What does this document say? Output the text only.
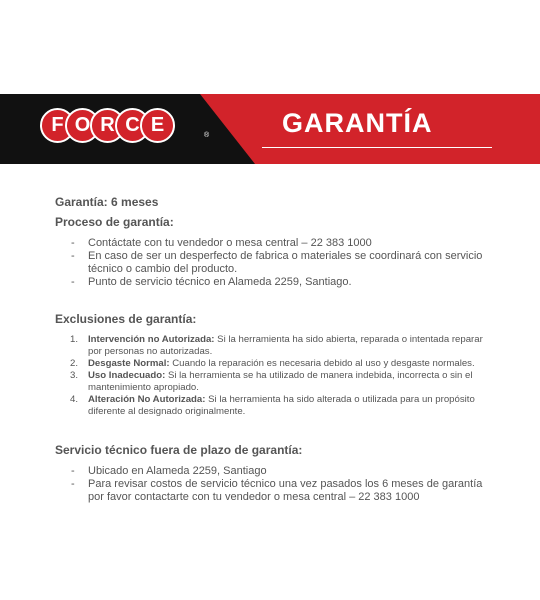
F O R C E	®	GARANTÍA
Garantía: 6 meses
Proceso de garantía:
- Contáctate con tu vendedor o mesa central – 22 383 1000
- En caso de ser un desperfecto de fabrica o materiales se coordinará con servicio técnico o cambio del producto.
- Punto de servicio técnico en Alameda 2259, Santiago.
Exclusiones de garantía:
1. Intervención no Autorizada: Si la herramienta ha sido abierta, reparada o intentada reparar por personas no autorizadas.
2. Desgaste Normal: Cuando la reparación es necesaria debido al uso y desgaste normales.
3. Uso Inadecuado: Si la herramienta se ha utilizado de manera indebida, incorrecta o sin el mantenimiento apropiado.
4. Alteración No Autorizada: Si la herramienta ha sido alterada o utilizada para un propósito diferente al designado originalmente.
Servicio técnico fuera de plazo de garantía:
- Ubicado en Alameda 2259, Santiago
- Para revisar costos de servicio técnico una vez pasados los 6 meses de garantía por favor contactarte con tu vendedor o mesa central – 22 383 1000
